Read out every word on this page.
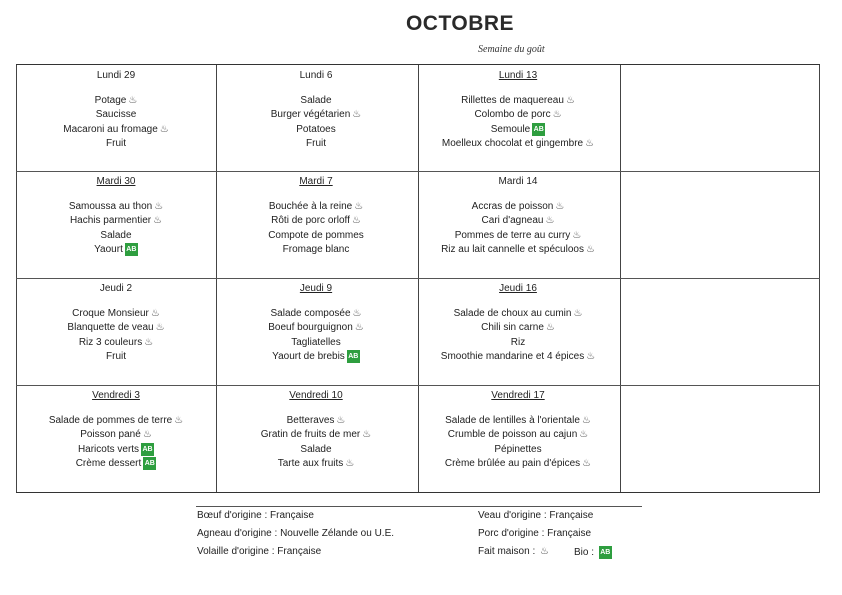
OCTOBRE
Semaine du goût
Lundi 29
Potage ♨
Saucisse
Macaroni au fromage ♨
Fruit
Mardi 30
Samoussa au thon ♨
Hachis parmentier ♨
Salade
Yaourt AB
Jeudi 2
Croque Monsieur ♨
Blanquette de veau ♨
Riz 3 couleurs ♨
Fruit
Vendredi 3
Salade de pommes de terre ♨
Poisson pané ♨
Haricots verts AB
Crème dessert AB
Lundi 6
Salade
Burger végétarien ♨
Potatoes
Fruit
Mardi 7
Bouchée à la reine ♨
Rôti de porc orloff ♨
Compote de pommes
Fromage blanc
Jeudi 9
Salade composée ♨
Boeuf bourguignon ♨
Tagliatelles
Yaourt de brebis AB
Vendredi 10
Betteraves ♨
Gratin de fruits de mer ♨
Salade
Tarte aux fruits ♨
Lundi 13
Rillettes de maquereau ♨
Colombo de porc ♨
Semoule AB
Moelleux chocolat et gingembre ♨
Mardi 14
Accras de poisson ♨
Cari d'agneau ♨
Pommes de terre au curry ♨
Riz au lait cannelle et spéculoos ♨
Jeudi 16
Salade de choux au cumin ♨
Chili sin carne ♨
Riz
Smoothie mandarine et 4 épices ♨
Vendredi 17
Salade de lentilles à l'orientale ♨
Crumble de poisson au cajun ♨
Pépinettes
Crème brûlée au pain d'épices ♨
Bœuf d'origine : Française
Agneau d'origine : Nouvelle Zélande ou U.E.
Volaille d'origine : Française
Veau d'origine : Française
Porc d'origine : Française
Fait maison : ♨	Bio : AB
